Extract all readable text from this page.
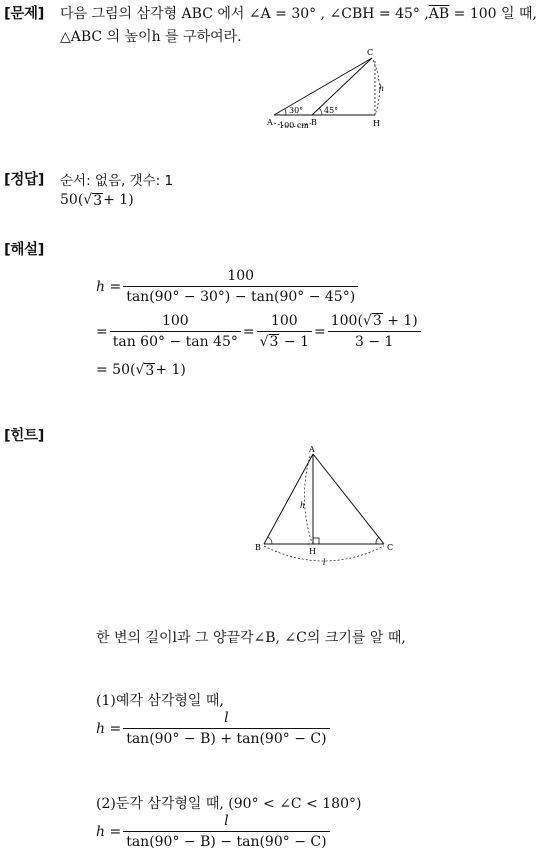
[문제] 다음 그림의 삼각형 ABC 에서 ∠A = 30° , ∠CBH = 45° $,\overline{AB} = 100$ 일 때,
△ABC 의 높이h 를 구하여라.
A	B
C
H
h
30°	45°
100 cm
[정답] 순서: 없음, 갯수: 1
50( √ 3 + 1)
[해설]
$h = \frac{100}{\tan(90^\circ - 30^\circ) - \tan(90^\circ - 45^\circ)}$
= $\frac{100}{\tan 60^\circ - \tan 45^\circ} = \frac{100}{√3 - 1} = \frac{100(√3 + 1)}{3 - 1}$
= 50( √ 3 + 1)
[힌트]
A
B	C
H
h
l
한 변의 길이l과 그 양끝각∠B, ∠C의 크기를 알 때,
(1)예각 삼각형일 때,
$h = \frac{l}{\tan(90^\circ - B) + \tan(90^\circ - C)}$
(2)둔각 삼각형일 때, (90° < ∠C < 180°)
$h = \frac{l}{\tan(90^\circ - B) - \tan(90^\circ - C)}$
